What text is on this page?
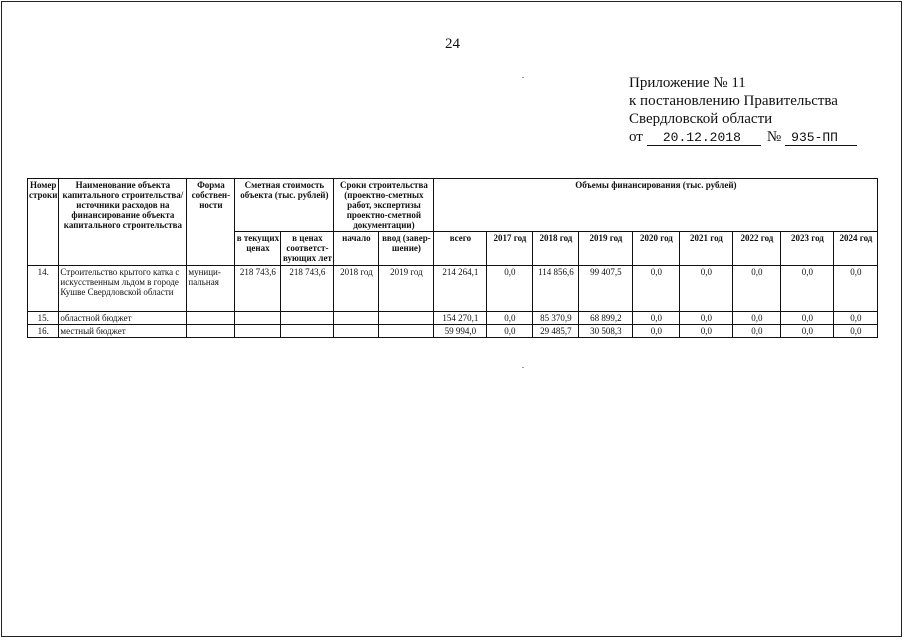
24
Приложение № 11
к постановлению Правительства
Свердловской области
от	20.12.2018	№ 935-ПП
Номер строки	Наименование объекта капитального строительства/ источники расходов на финансирование объекта капитального строительства	Форма собствен-ности	Сметная стоимость объекта (тыс. рублей)		Сроки строительства (проектно-сметных работ, экспертизы проектно-сметной документации)		Объемы финансирования (тыс. рублей)								
			в текущих ценах	в ценах соответст-вующих лет	начало	ввод (завер-шение)	всего	2017 год	2018 год	2019 год	2020 год	2021 год	2022 год	2023 год	2024 год
14.	Строительство крытого катка с искусственным льдом в городе Кушве Свердловской области	муници-пальная	218 743,6	218 743,6	2018 год	2019 год	214 264,1	0,0	114 856,6	99 407,5	0,0	0,0	0,0	0,0	0,0
15.	областной бюджет						154 270,1	0,0	85 370,9	68 899,2	0,0	0,0	0,0	0,0	0,0
16.	местный бюджет						59 994,0	0,0	29 485,7	30 508,3	0,0	0,0	0,0	0,0	0,0
